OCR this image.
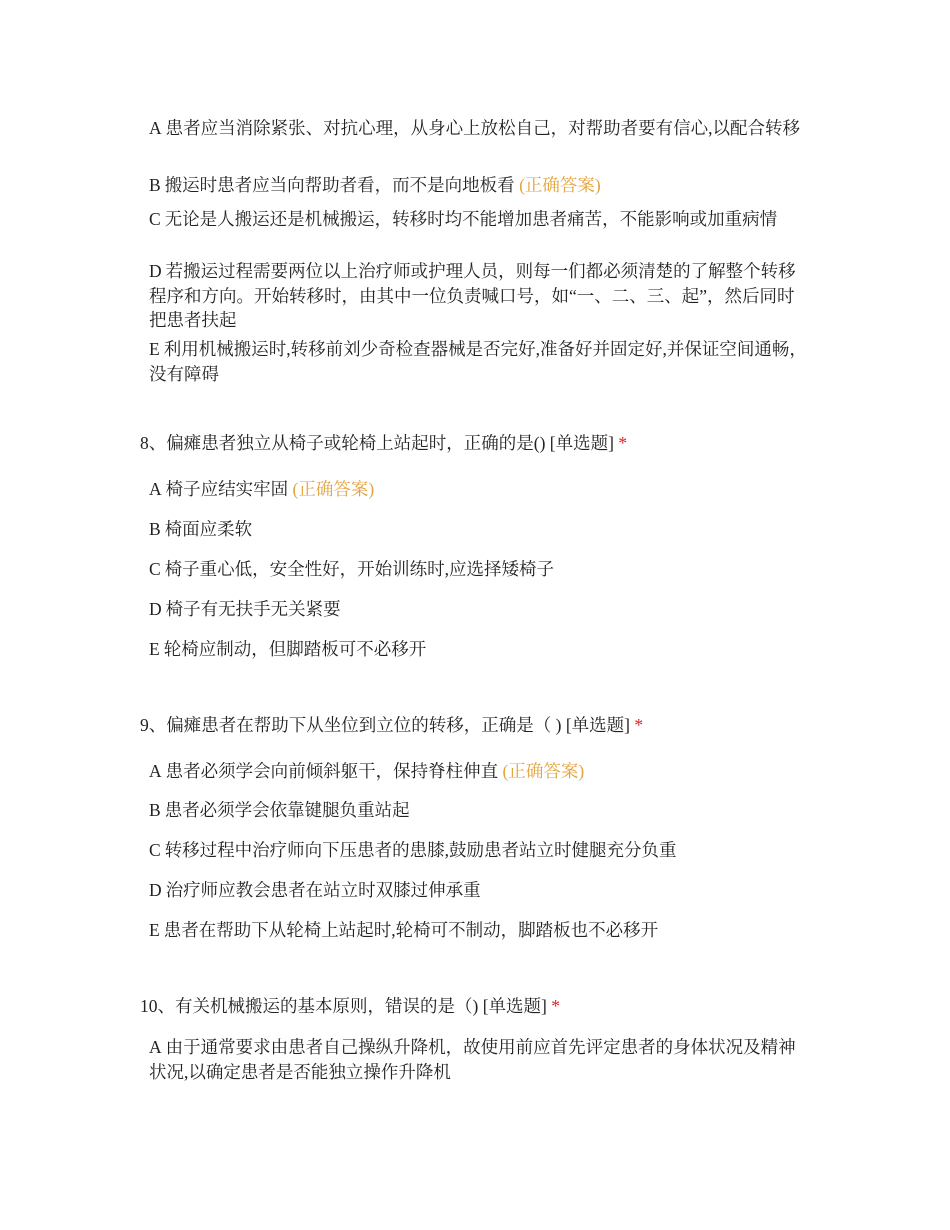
A 患者应当消除紧张、对抗心理，从身心上放松自己，对帮助者要有信心,以配合转移
B 搬运时患者应当向帮助者看，而不是向地板看 (正确答案)
C 无论是人搬运还是机械搬运，转移时均不能增加患者痛苦，不能影响或加重病情
D 若搬运过程需要两位以上治疗师或护理人员，则每一们都必须清楚的了解整个转移程序和方向。开始转移时，由其中一位负责喊口号，如“一、二、三、起”，然后同时把患者扶起
E 利用机械搬运时,转移前刘少奇检查器械是否完好,准备好并固定好,并保证空间通畅，没有障碍
8、偏瘫患者独立从椅子或轮椅上站起时，正确的是() [单选题] *
A 椅子应结实牢固 (正确答案)
B 椅面应柔软
C 椅子重心低，安全性好，开始训练时,应选择矮椅子
D 椅子有无扶手无关紧要
E 轮椅应制动，但脚踏板可不必移开
9、偏瘫患者在帮助下从坐位到立位的转移，正确是（ ) [单选题] *
A 患者必须学会向前倾斜躯干，保持脊柱伸直 (正确答案)
B 患者必须学会依靠键腿负重站起
C 转移过程中治疗师向下压患者的患膝,鼓励患者站立时健腿充分负重
D 治疗师应教会患者在站立时双膝过伸承重
E 患者在帮助下从轮椅上站起时,轮椅可不制动，脚踏板也不必移开
10、有关机械搬运的基本原则，错误的是（) [单选题] *
A 由于通常要求由患者自己操纵升降机，故使用前应首先评定患者的身体状况及精神状况,以确定患者是否能独立操作升降机
